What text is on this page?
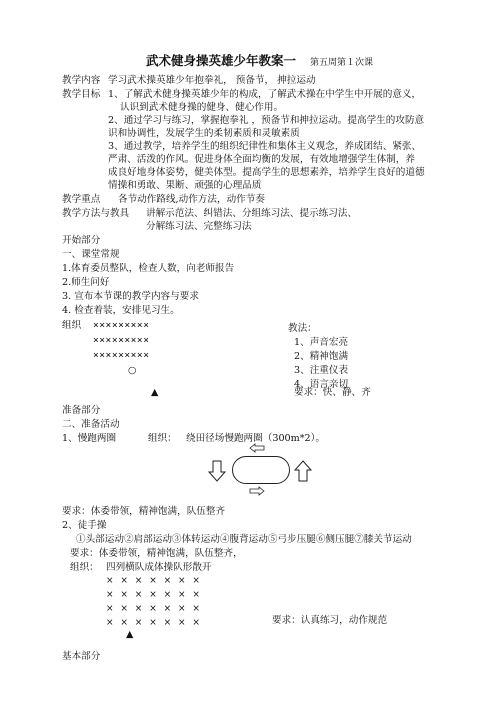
武术健身操英雄少年教案一 第五周第１次课
教学内容 学习武术操英雄少年抱拳礼， 预备节， 抻拉运动
教学目标 1、了解武术健身操英雄少年的构成，了解武术操在中学生中开展的意义，
认识到武术健身操的健身、健心作用。
2、通过学习与练习，掌握抱拳礼 ，预备节和抻拉运动。提高学生的攻防意
识和协调性，发展学生的柔韧素质和灵敏素质
3、通过教学，培养学生的组织纪律性和集体主义观念，养成团结、紧张、
严肃、活泼的作风。促进身体全面均衡的发展，有效地增强学生体制，养
成良好地身体姿势，健美体型。提高学生的思想素养，培养学生良好的道德
情操和勇敢、果断、顽强的心理品质
教学重点 各节动作路线,动作方法，动作节奏
教学方法与教具 讲解示范法、纠错法、分组练习法、提示练习法、
分解练习法、完整练习法
开始部分
一、课堂常规
1.体育委员整队，检查人数，向老师报告
2.师生问好
3. 宣布本节课的教学内容与要求
4. 检查着装，安排见习生。
组织 ×××××××××
×××××××××
×××××××××
○
▲
教法：
1、声音宏亮
2、精神饱满
3、注重仪表
4、语言亲切
要求：快、静、齐
准备部分
二、准备活动
1、慢跑两圈	组织： 绕田径场慢跑两圈（300m*2）。
要求：体委带领，精神饱满，队伍整齐
2、徒手操
①头部运动②肩部运动③体转运动④腹背运动⑤弓步压腿⑥侧压腿⑦膝关节运动
要求：体委带领，精神饱满，队伍整齐，
组织： 四列横队成体操队形散开
× × × × × × ×
× × × × × × ×
× × × × × × ×
× × × × × × ×	要求：认真练习，动作规范
▲
基本部分
